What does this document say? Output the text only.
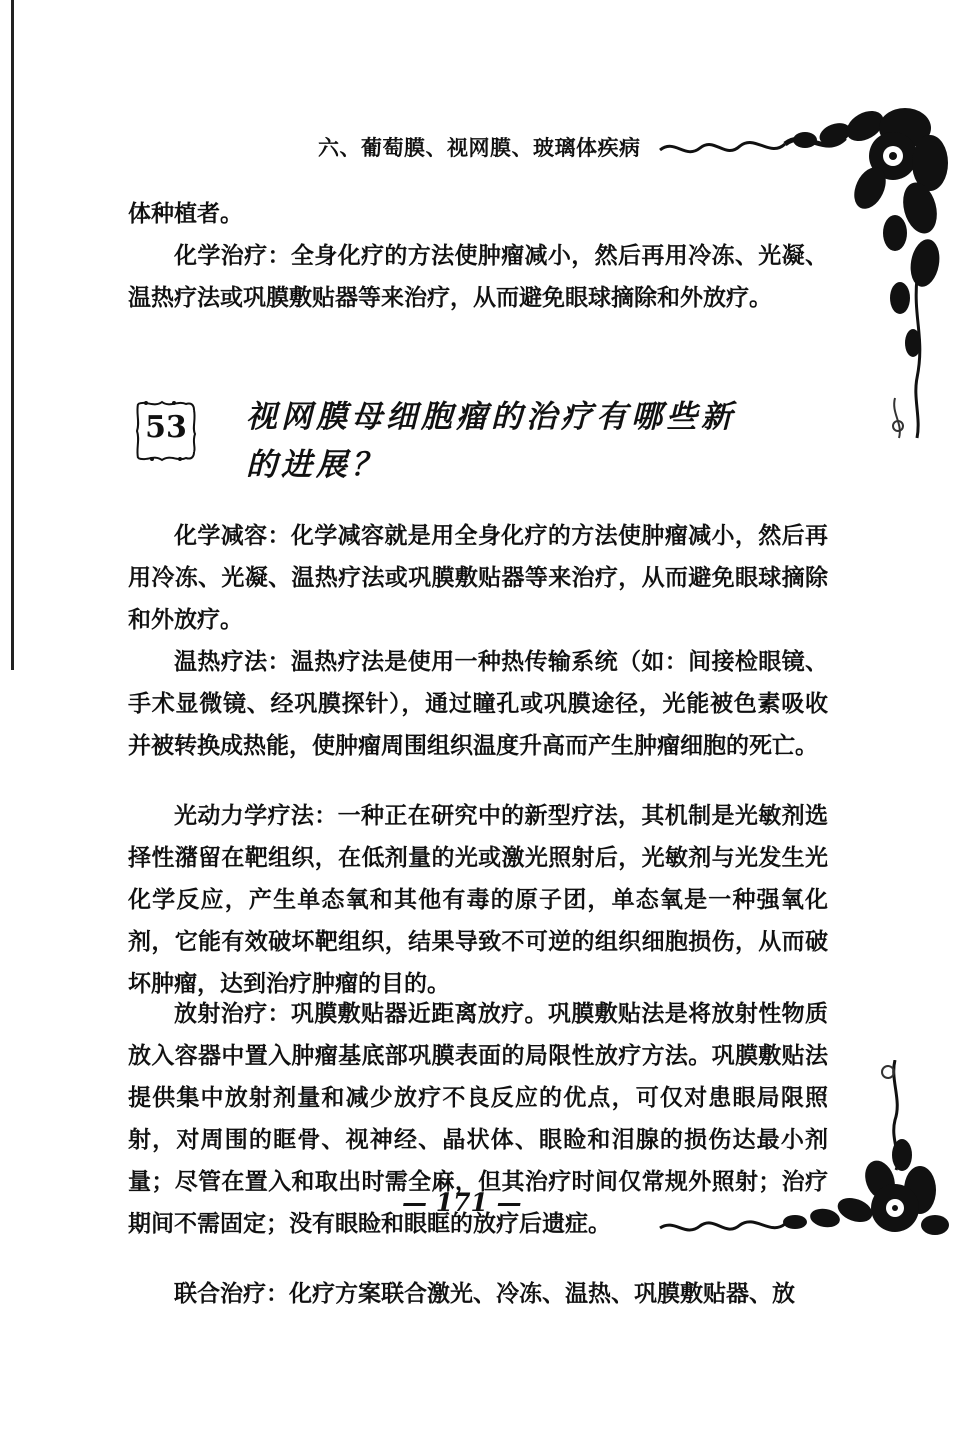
六、葡萄膜、视网膜、玻璃体疾病

体种植者。

化学治疗：全身化疗的方法使肿瘤减小，然后再用冷冻、光凝、温热疗法或巩膜敷贴器等来治疗，从而避免眼球摘除和外放疗。

53	视网膜母细胞瘤的治疗有哪些新的进展？

化学减容：化学减容就是用全身化疗的方法使肿瘤减小，然后再用冷冻、光凝、温热疗法或巩膜敷贴器等来治疗，从而避免眼球摘除和外放疗。

温热疗法：温热疗法是使用一种热传输系统（如：间接检眼镜、手术显微镜、经巩膜探针），通过瞳孔或巩膜途径，光能被色素吸收并被转换成热能，使肿瘤周围组织温度升高而产生肿瘤细胞的死亡。

光动力学疗法：一种正在研究中的新型疗法，其机制是光敏剂选择性潴留在靶组织，在低剂量的光或激光照射后，光敏剂与光发生光化学反应，产生单态氧和其他有毒的原子团，单态氧是一种强氧化剂，它能有效破坏靶组织，结果导致不可逆的组织细胞损伤，从而破坏肿瘤，达到治疗肿瘤的目的。

放射治疗：巩膜敷贴器近距离放疗。巩膜敷贴法是将放射性物质放入容器中置入肿瘤基底部巩膜表面的局限性放疗方法。巩膜敷贴法提供集中放射剂量和减少放疗不良反应的优点，可仅对患眼局限照射，对周围的眶骨、视神经、晶状体、眼睑和泪腺的损伤达最小剂量；尽管在置入和取出时需全麻，但其治疗时间仅常规外照射；治疗期间不需固定；没有眼睑和眼眶的放疗后遗症。

联合治疗：化疗方案联合激光、冷冻、温热、巩膜敷贴器、放

— 171 —
